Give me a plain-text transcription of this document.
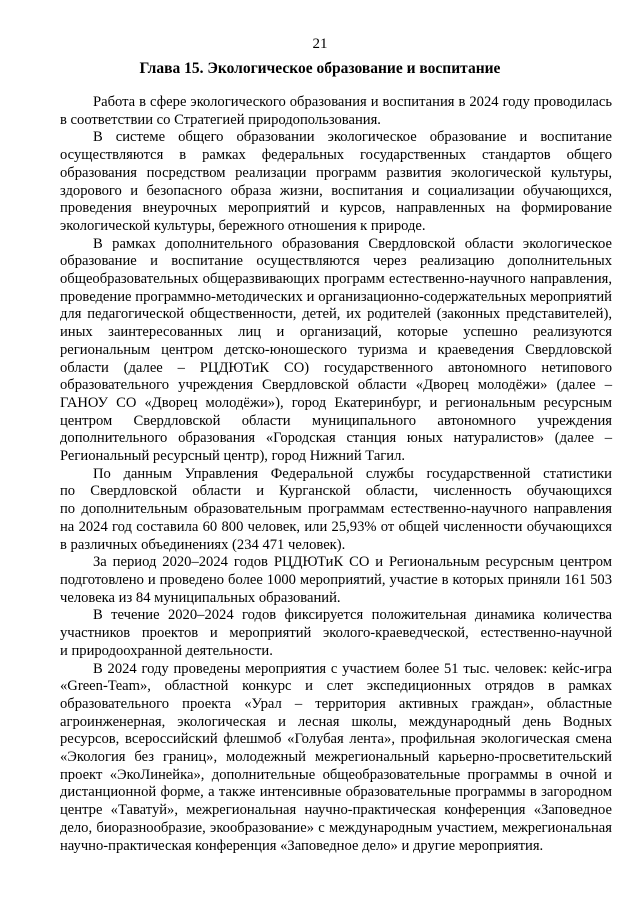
21
Глава 15. Экологическое образование и воспитание

Работа в сфере экологического образования и воспитания в 2024 году проводилась в соответствии со Стратегией природопользования.

В системе общего образовании экологическое образование и воспитание осуществляются в рамках федеральных государственных стандартов общего образования посредством реализации программ развития экологической культуры, здорового и безопасного образа жизни, воспитания и социализации обучающихся, проведения внеурочных мероприятий и курсов, направленных на формирование экологической культуры, бережного отношения к природе.

В рамках дополнительного образования Свердловской области экологическое образование и воспитание осуществляются через реализацию дополнительных общеобразовательных общеразвивающих программ естественно-научного направления, проведение программно-методических и организационно-содержательных мероприятий для педагогической общественности, детей, их родителей (законных представителей), иных заинтересованных лиц и организаций, которые успешно реализуются региональным центром детско-юношеского туризма и краеведения Свердловской области (далее – РЦДЮТиК СО) государственного автономного нетипового образовательного учреждения Свердловской области «Дворец молодёжи» (далее – ГАНОУ СО «Дворец молодёжи»), город Екатеринбург, и региональным ресурсным центром Свердловской области муниципального автономного учреждения дополнительного образования «Городская станция юных натуралистов» (далее – Региональный ресурсный центр), город Нижний Тагил.

По данным Управления Федеральной службы государственной статистики по Свердловской области и Курганской области, численность обучающихся по дополнительным образовательным программам естественно-научного направления на 2024 год составила 60 800 человек, или 25,93% от общей численности обучающихся в различных объединениях (234 471 человек).

За период 2020–2024 годов РЦДЮТиК СО и Региональным ресурсным центром подготовлено и проведено более 1000 мероприятий, участие в которых приняли 161 503 человека из 84 муниципальных образований.

В течение 2020–2024 годов фиксируется положительная динамика количества участников проектов и мероприятий эколого-краеведческой, естественно-научной и природоохранной деятельности.

В 2024 году проведены мероприятия с участием более 51 тыс. человек: кейс-игра «Green-Team», областной конкурс и слет экспедиционных отрядов в рамках образовательного проекта «Урал – территория активных граждан», областные агроинженерная, экологическая и лесная школы, международный день Водных ресурсов, всероссийский флешмоб «Голубая лента», профильная экологическая смена «Экология без границ», молодежный межрегиональный карьерно-просветительский проект «ЭкоЛинейка», дополнительные общеобразовательные программы в очной и дистанционной форме, а также интенсивные образовательные программы в загородном центре «Таватуй», межрегиональная научно-практическая конференция «Заповедное дело, биоразнообразие, экообразование» с международным участием, межрегиональная научно-практическая конференция «Заповедное дело» и другие мероприятия.
